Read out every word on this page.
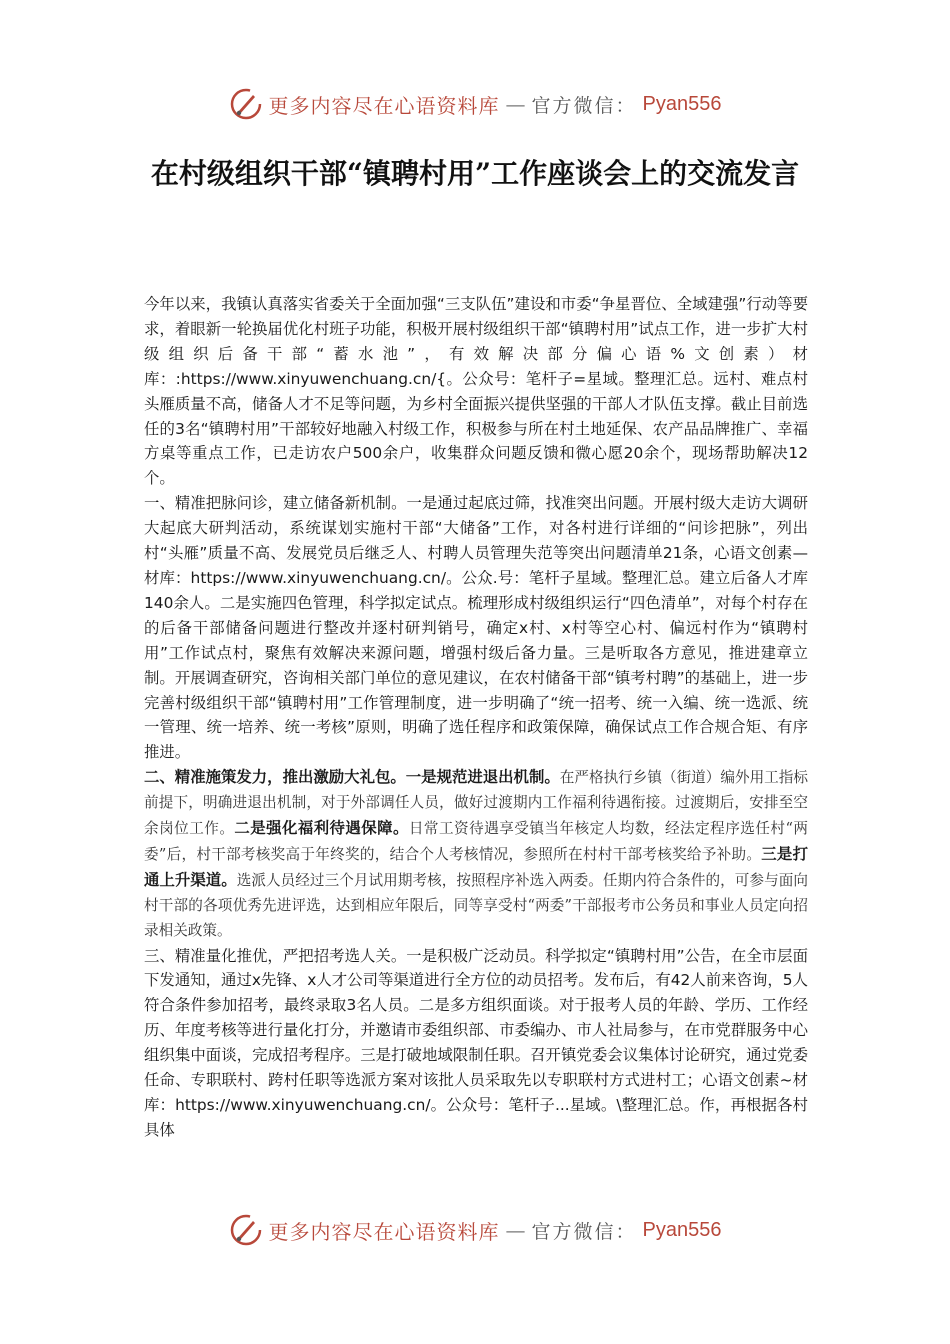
更多内容尽在心语资料库 — 官方微信： Pyan556
在村级组织干部“镇聘村用”工作座谈会上的交流发言

今年以来，我镇认真落实省委关于全面加强“三支队伍”建设和市委“争星晋位、全域建强”行动等要求，着眼新一轮换届优化村班子功能，积极开展村级组织干部“镇聘村用”试点工作，进一步扩大村级组织后备干部“蓄水池”，有效解决部分偏心语%文创素）材库：:https://www.xinyuwenchuang.cn/{。公众号：笔杆子=星域。整理汇总。远村、难点村头雁质量不高，储备人才不足等问题，为乡村全面振兴提供坚强的干部人才队伍支撑。截止目前选任的3名“镇聘村用”干部较好地融入村级工作，积极参与所在村土地延保、农产品品牌推广、幸福方桌等重点工作，已走访农户500余户，收集群众问题反馈和微心愿20余个，现场帮助解决12个。

一、精准把脉问诊，建立储备新机制。一是通过起底过筛，找准突出问题。开展村级大走访大调研大起底大研判活动，系统谋划实施村干部“大储备”工作，对各村进行详细的“问诊把脉”，列出村“头雁”质量不高、发展党员后继乏人、村聘人员管理失范等突出问题清单21条，心语文创素—材库：https://www.xinyuwenchuang.cn/。公众.号：笔杆子星域。整理汇总。建立后备人才库140余人。二是实施四色管理，科学拟定试点。梳理形成村级组织运行“四色清单”，对每个村存在的后备干部储备问题进行整改并逐村研判销号，确定x村、x村等空心村、偏远村作为“镇聘村用”工作试点村，聚焦有效解决来源问题，增强村级后备力量。三是听取各方意见，推进建章立制。开展调查研究，咨询相关部门单位的意见建议，在农村储备干部“镇考村聘”的基础上，进一步完善村级组织干部“镇聘村用”工作管理制度，进一步明确了“统一招考、统一入编、统一选派、统一管理、统一培养、统一考核”原则，明确了选任程序和政策保障，确保试点工作合规合矩、有序推进。

二、精准施策发力，推出激励大礼包。一是规范进退出机制。在严格执行乡镇（街道）编外用工指标前提下，明确进退出机制，对于外部调任人员，做好过渡期内工作福利待遇衔接。过渡期后，安排至空余岗位工作。二是强化福利待遇保障。日常工资待遇享受镇当年核定人均数，经法定程序选任村“两委”后，村干部考核奖高于年终奖的，结合个人考核情况，参照所在村村干部考核奖给予补助。三是打通上升渠道。选派人员经过三个月试用期考核，按照程序补选入两委。任期内符合条件的，可参与面向村干部的各项优秀先进评选，达到相应年限后，同等享受村“两委”干部报考市公务员和事业人员定向招录相关政策。

三、精准量化推优，严把招考选人关。一是积极广泛动员。科学拟定“镇聘村用”公告，在全市层面下发通知，通过x先锋、x人才公司等渠道进行全方位的动员招考。发布后，有42人前来咨询，5人符合条件参加招考，最终录取3名人员。二是多方组织面谈。对于报考人员的年龄、学历、工作经历、年度考核等进行量化打分，并邀请市委组织部、市委编办、市人社局参与，在市党群服务中心组织集中面谈，完成招考程序。三是打破地域限制任职。召开镇党委会议集体讨论研究，通过党委任命、专职联村、跨村任职等选派方案对该批人员采取先以专职联村方式进村工；心语文创素~材库：https://www.xinyuwenchuang.cn/。公众号：笔杆子...星域。\整理汇总。作，再根据各村具体

更多内容尽在心语资料库 — 官方微信： Pyan556
